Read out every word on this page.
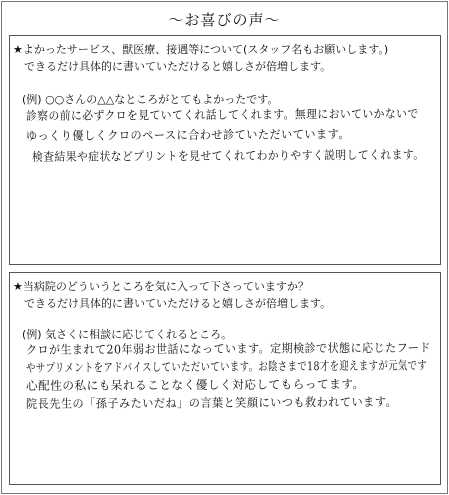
～お喜びの声～
★よかったサービス、獣医療、接遇等について(スタッフ名もお願いします。)
できるだけ具体的に書いていただけると嬉しさが倍増します。
(例) ○○さんの△△なところがとてもよかったです。
診察の前に必ずクロを見ていてくれ話してくれます。無理においていかないで
ゆっくり優しくクロのペースに合わせ診ていただいています。
検査結果や症状などプリントを見せてくれてわかりやすく説明してくれます。
★当病院のどういうところを気に入って下さっていますか？
できるだけ具体的に書いていただけると嬉しさが倍増します。
(例) 気さくに相談に応じてくれるところ。
クロが生まれて20年弱お世話になっています。定期検診で状態に応じたフード
やサプリメントをアドバイスしていただいています。お陰さまで18才を迎えますが元気です
心配性の私にも呆れることなく優しく対応してもらってます。
院長先生の「孫子みたいだね」の言葉と笑顔にいつも救われています。
